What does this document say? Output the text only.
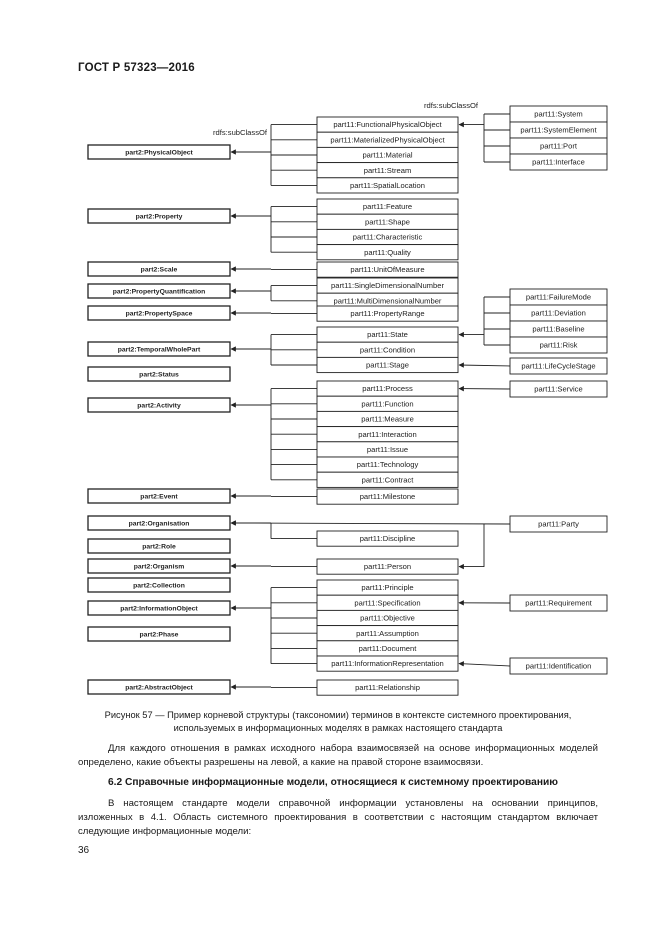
ГОСТ Р 57323—2016
part2:PhysicalObject
part2:Property
part2:Scale
part2:PropertyQuantification
part2:PropertySpace
part2:TemporalWholePart
part2:Status
part2:Activity
part2:Event
part2:Organisation
part2:Role
part2:Organism
part2:Collection
part2:InformationObject
part2:Phase
part2:AbstractObject
part11:FunctionalPhysicalObject
part11:MaterializedPhysicalObject
part11:Material
part11:Stream
part11:SpatialLocation
part11:Feature
part11:Shape
part11:Characteristic
part11:Quality
part11:UnitOfMeasure
part11:SingleDimensionalNumber
part11:MultiDimensionalNumber
part11:PropertyRange
part11:State
part11:Condition
part11:Stage
part11:Process
part11:Function
part11:Measure
part11:Interaction
part11:Issue
part11:Technology
part11:Contract
part11:Milestone
part11:Discipline
part11:Person
part11:Principle
part11:Specification
part11:Objective
part11:Assumption
part11:Document
part11:InformationRepresentation
part11:Relationship
part11:System
part11:SystemElement
part11:Port
part11:Interface
part11:FailureMode
part11:Deviation
part11:Baseline
part11:Risk
part11:LifeCycleStage
part11:Service
part11:Party
part11:Requirement
part11:Identification
rdfs:subClassOf
rdfs:subClassOf
Рисунок 57 — Пример корневой структуры (таксономии) терминов в контексте системного проектирования,
используемых в информационных моделях в рамках настоящего стандарта
Для каждого отношения в рамках исходного набора взаимосвязей на основе информационных моделей определено, какие объекты разрешены на левой, а какие на правой стороне взаимосвязи.
6.2 Справочные информационные модели, относящиеся к системному проектированию
В настоящем стандарте модели справочной информации установлены на основании принципов, изложенных в 4.1. Область системного проектирования в соответствии с настоящим стандартом включает следующие информационные модели:
36
